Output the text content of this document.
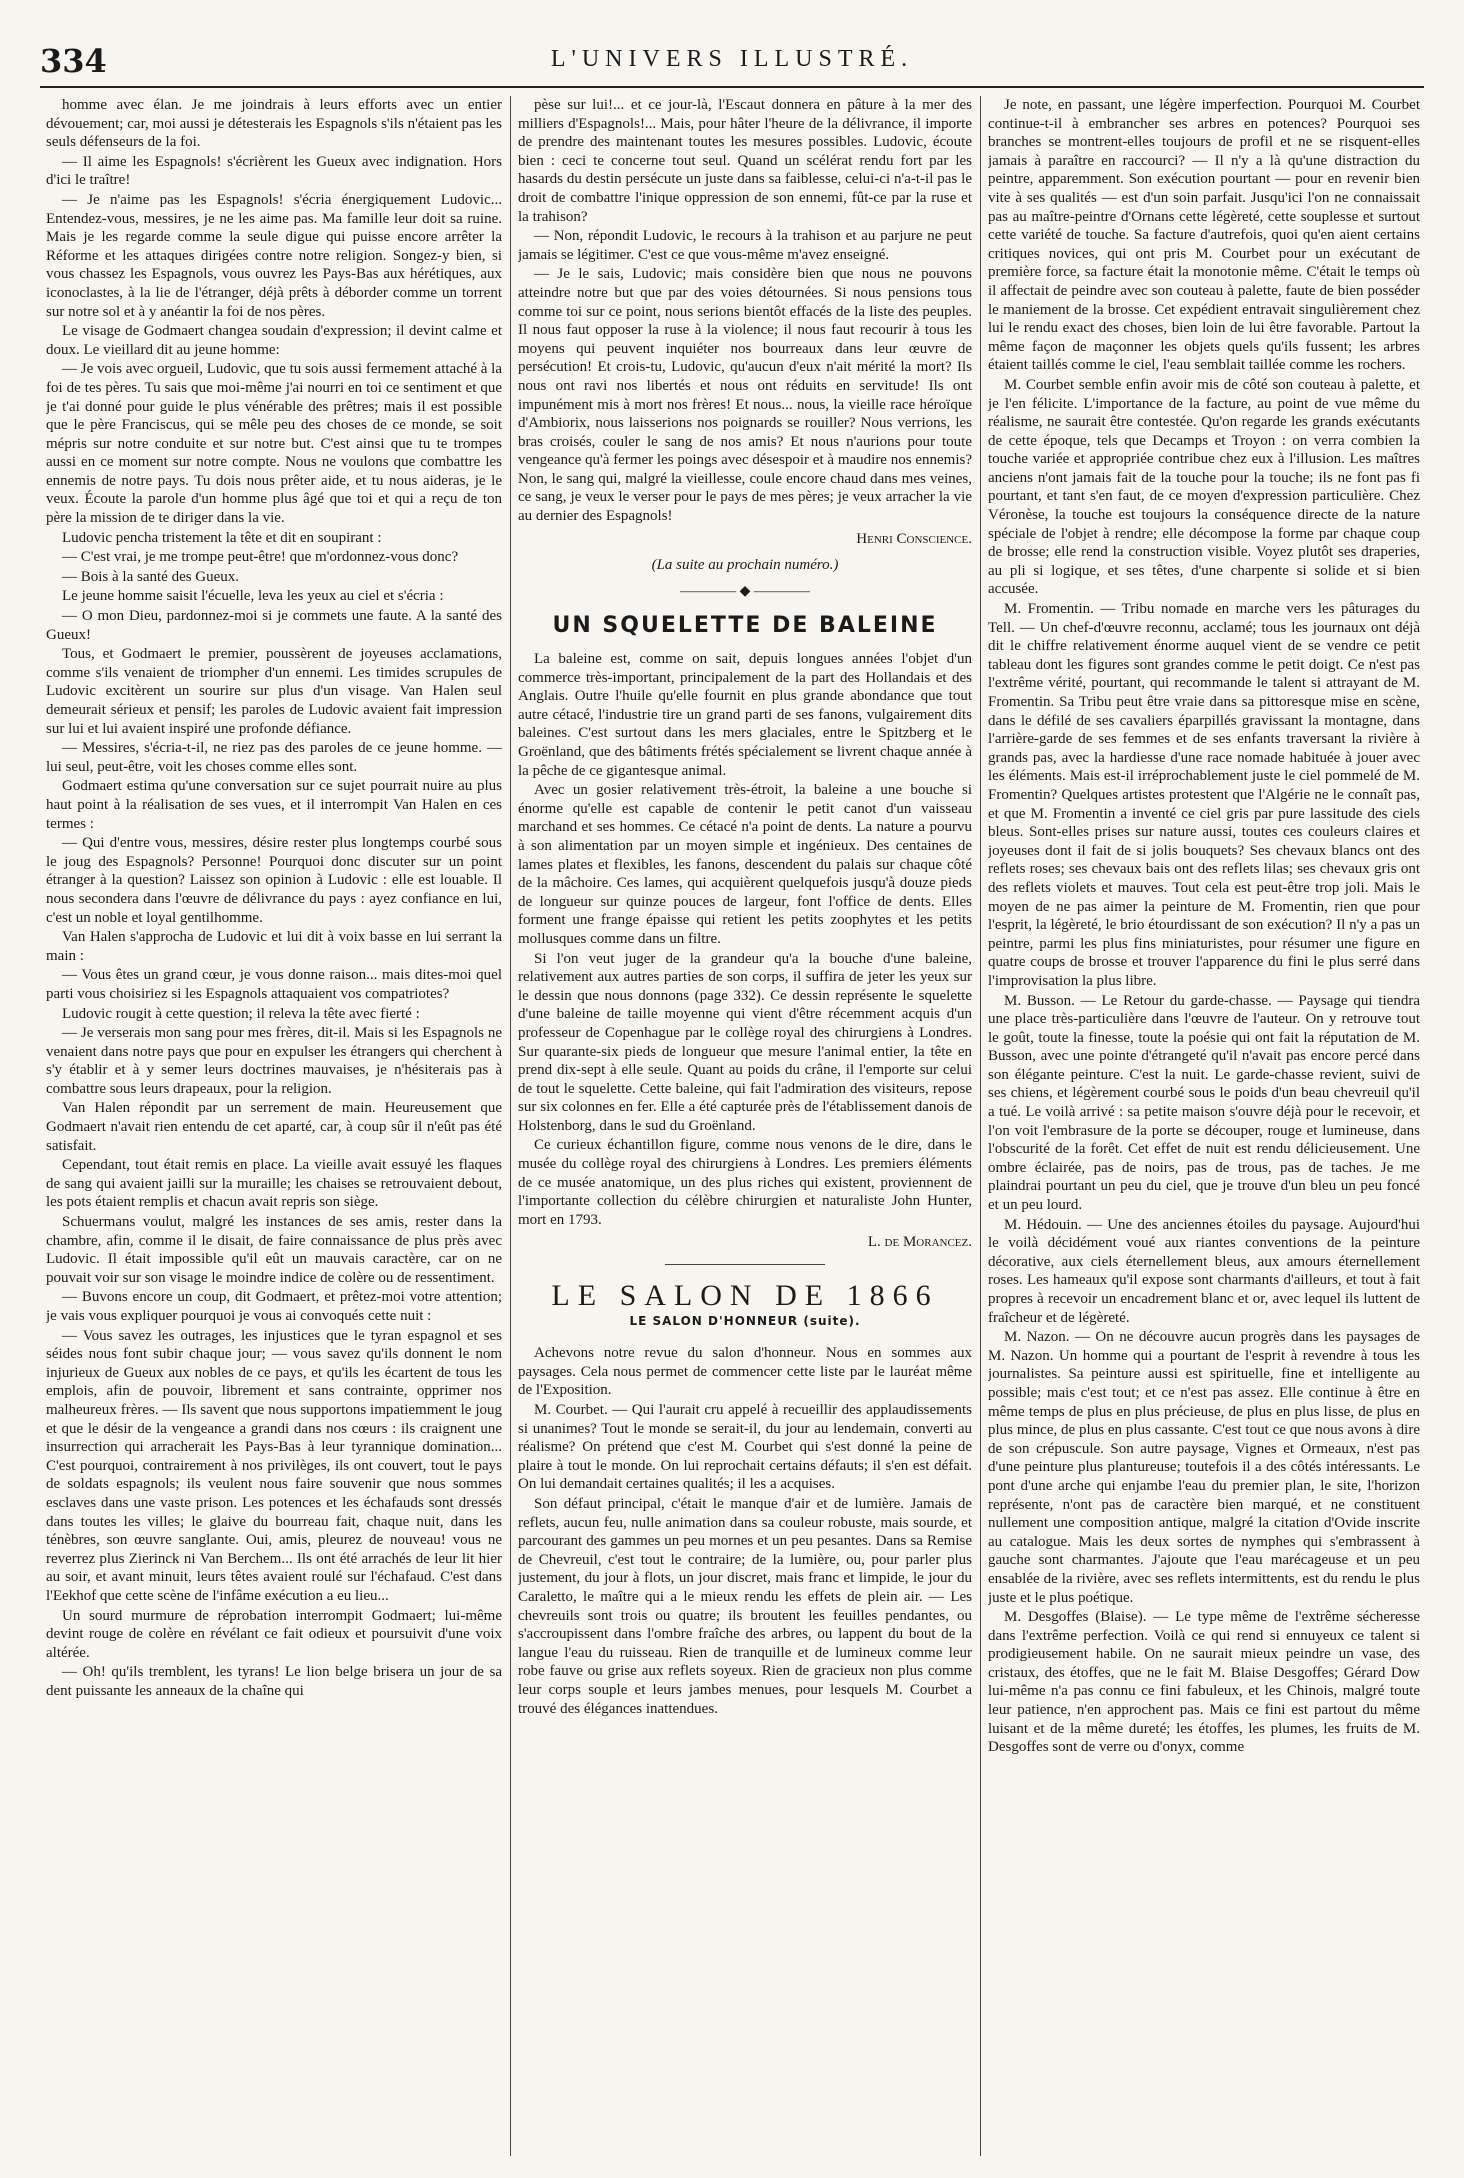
334	L'UNIVERS ILLUSTRÉ.

homme avec élan. Je me joindrais à leurs efforts avec un entier dévouement; car, moi aussi je détesterais les Espagnols s'ils n'étaient pas les seuls défenseurs de la foi.

— Il aime les Espagnols! s'écrièrent les Gueux avec indignation. Hors d'ici le traître!

— Je n'aime pas les Espagnols! s'écria énergiquement Ludovic... Entendez-vous, messires, je ne les aime pas. Ma famille leur doit sa ruine. Mais je les regarde comme la seule digue qui puisse encore arrêter la Réforme et les attaques dirigées contre notre religion. Songez-y bien, si vous chassez les Espagnols, vous ouvrez les Pays-Bas aux hérétiques, aux iconoclastes, à la lie de l'étranger, déjà prêts à déborder comme un torrent sur notre sol et à y anéantir la foi de nos pères.

Le visage de Godmaert changea soudain d'expression; il devint calme et doux. Le vieillard dit au jeune homme:

— Je vois avec orgueil, Ludovic, que tu sois aussi fermement attaché à la foi de tes pères. Tu sais que moi-même j'ai nourri en toi ce sentiment et que je t'ai donné pour guide le plus vénérable des prêtres; mais il est possible que le père Franciscus, qui se mêle peu des choses de ce monde, se soit mépris sur notre conduite et sur notre but. C'est ainsi que tu te trompes aussi en ce moment sur notre compte. Nous ne voulons que combattre les ennemis de notre pays. Tu dois nous prêter aide, et tu nous aideras, je le veux. Écoute la parole d'un homme plus âgé que toi et qui a reçu de ton père la mission de te diriger dans la vie.

Ludovic pencha tristement la tête et dit en soupirant :

— C'est vrai, je me trompe peut-être! que m'ordonnez-vous donc?

— Bois à la santé des Gueux.

Le jeune homme saisit l'écuelle, leva les yeux au ciel et s'écria :

— O mon Dieu, pardonnez-moi si je commets une faute. A la santé des Gueux!

Tous, et Godmaert le premier, poussèrent de joyeuses acclamations, comme s'ils venaient de triompher d'un ennemi. Les timides scrupules de Ludovic excitèrent un sourire sur plus d'un visage. Van Halen seul demeurait sérieux et pensif; les paroles de Ludovic avaient fait impression sur lui et lui avaient inspiré une profonde défiance.

— Messires, s'écria-t-il, ne riez pas des paroles de ce jeune homme. — lui seul, peut-être, voit les choses comme elles sont.

Godmaert estima qu'une conversation sur ce sujet pourrait nuire au plus haut point à la réalisation de ses vues, et il interrompit Van Halen en ces termes :

— Qui d'entre vous, messires, désire rester plus longtemps courbé sous le joug des Espagnols? Personne! Pourquoi donc discuter sur un point étranger à la question? Laissez son opinion à Ludovic : elle est louable. Il nous secondera dans l'œuvre de délivrance du pays : ayez confiance en lui, c'est un noble et loyal gentilhomme.

Van Halen s'approcha de Ludovic et lui dit à voix basse en lui serrant la main :

— Vous êtes un grand cœur, je vous donne raison... mais dites-moi quel parti vous choisiriez si les Espagnols attaquaient vos compatriotes?

Ludovic rougit à cette question; il releva la tête avec fierté :

— Je verserais mon sang pour mes frères, dit-il. Mais si les Espagnols ne venaient dans notre pays que pour en expulser les étrangers qui cherchent à s'y établir et à y semer leurs doctrines mauvaises, je n'hésiterais pas à combattre sous leurs drapeaux, pour la religion.

Van Halen répondit par un serrement de main. Heureusement que Godmaert n'avait rien entendu de cet aparté, car, à coup sûr il n'eût pas été satisfait.

Cependant, tout était remis en place. La vieille avait essuyé les flaques de sang qui avaient jailli sur la muraille; les chaises se retrouvaient debout, les pots étaient remplis et chacun avait repris son siège.

Schuermans voulut, malgré les instances de ses amis, rester dans la chambre, afin, comme il le disait, de faire connaissance de plus près avec Ludovic. Il était impossible qu'il eût un mauvais caractère, car on ne pouvait voir sur son visage le moindre indice de colère ou de ressentiment.

— Buvons encore un coup, dit Godmaert, et prêtez-moi votre attention; je vais vous expliquer pourquoi je vous ai convoqués cette nuit :

— Vous savez les outrages, les injustices que le tyran espagnol et ses séides nous font subir chaque jour; — vous savez qu'ils donnent le nom injurieux de Gueux aux nobles de ce pays, et qu'ils les écartent de tous les emplois, afin de pouvoir, librement et sans contrainte, opprimer nos malheureux frères. — Ils savent que nous supportons impatiemment le joug et que le désir de la vengeance a grandi dans nos cœurs : ils craignent une insurrection qui arracherait les Pays-Bas à leur tyrannique domination... C'est pourquoi, contrairement à nos privilèges, ils ont couvert, tout le pays de soldats espagnols; ils veulent nous faire souvenir que nous sommes esclaves dans une vaste prison. Les potences et les échafauds sont dressés dans toutes les villes; le glaive du bourreau fait, chaque nuit, dans les ténèbres, son œuvre sanglante. Oui, amis, pleurez de nouveau! vous ne reverrez plus Zierinck ni Van Berchem... Ils ont été arrachés de leur lit hier au soir, et avant minuit, leurs têtes avaient roulé sur l'échafaud. C'est dans l'Eekhof que cette scène de l'infâme exécution a eu lieu...

Un sourd murmure de réprobation interrompit Godmaert; lui-même devint rouge de colère en révélant ce fait odieux et poursuivit d'une voix altérée.

— Oh! qu'ils tremblent, les tyrans! Le lion belge brisera un jour de sa dent puissante les anneaux de la chaîne qui

pèse sur lui!... et ce jour-là, l'Escaut donnera en pâture à la mer des milliers d'Espagnols!... Mais, pour hâter l'heure de la délivrance, il importe de prendre des maintenant toutes les mesures possibles. Ludovic, écoute bien : ceci te concerne tout seul. Quand un scélérat rendu fort par les hasards du destin persécute un juste dans sa faiblesse, celui-ci n'a-t-il pas le droit de combattre l'inique oppression de son ennemi, fût-ce par la ruse et la trahison?

— Non, répondit Ludovic, le recours à la trahison et au parjure ne peut jamais se légitimer. C'est ce que vous-même m'avez enseigné.

— Je le sais, Ludovic; mais considère bien que nous ne pouvons atteindre notre but que par des voies détournées. Si nous pensions tous comme toi sur ce point, nous serions bientôt effacés de la liste des peuples. Il nous faut opposer la ruse à la violence; il nous faut recourir à tous les moyens qui peuvent inquiéter nos bourreaux dans leur œuvre de persécution! Et crois-tu, Ludovic, qu'aucun d'eux n'ait mérité la mort? Ils nous ont ravi nos libertés et nous ont réduits en servitude! Ils ont impunément mis à mort nos frères! Et nous... nous, la vieille race héroïque d'Ambiorix, nous laisserions nos poignards se rouiller? Nous verrions, les bras croisés, couler le sang de nos amis? Et nous n'aurions pour toute vengeance qu'à fermer les poings avec désespoir et à maudire nos ennemis? Non, le sang qui, malgré la vieillesse, coule encore chaud dans mes veines, ce sang, je veux le verser pour le pays de mes pères; je veux arracher la vie au dernier des Espagnols!

Henri Conscience.
(La suite au prochain numéro.)
———— ◆ ————
UN SQUELETTE DE BALEINE

La baleine est, comme on sait, depuis longues années l'objet d'un commerce très-important, principalement de la part des Hollandais et des Anglais. Outre l'huile qu'elle fournit en plus grande abondance que tout autre cétacé, l'industrie tire un grand parti de ses fanons, vulgairement dits baleines. C'est surtout dans les mers glaciales, entre le Spitzberg et le Groënland, que des bâtiments frétés spécialement se livrent chaque année à la pêche de ce gigantesque animal.

Avec un gosier relativement très-étroit, la baleine a une bouche si énorme qu'elle est capable de contenir le petit canot d'un vaisseau marchand et ses hommes. Ce cétacé n'a point de dents. La nature a pourvu à son alimentation par un moyen simple et ingénieux. Des centaines de lames plates et flexibles, les fanons, descendent du palais sur chaque côté de la mâchoire. Ces lames, qui acquièrent quelquefois jusqu'à douze pieds de longueur sur quinze pouces de largeur, font l'office de dents. Elles forment une frange épaisse qui retient les petits zoophytes et les petits mollusques comme dans un filtre.

Si l'on veut juger de la grandeur qu'a la bouche d'une baleine, relativement aux autres parties de son corps, il suffira de jeter les yeux sur le dessin que nous donnons (page 332). Ce dessin représente le squelette d'une baleine de taille moyenne qui vient d'être récemment acquis d'un professeur de Copenhague par le collège royal des chirurgiens à Londres. Sur quarante-six pieds de longueur que mesure l'animal entier, la tête en prend dix-sept à elle seule. Quant au poids du crâne, il l'emporte sur celui de tout le squelette. Cette baleine, qui fait l'admiration des visiteurs, repose sur six colonnes en fer. Elle a été capturée près de l'établissement danois de Holstenborg, dans le sud du Groënland.

Ce curieux échantillon figure, comme nous venons de le dire, dans le musée du collège royal des chirurgiens à Londres. Les premiers éléments de ce musée anatomique, un des plus riches qui existent, proviennent de l'importante collection du célèbre chirurgien et naturaliste John Hunter, mort en 1793.

L. de Morancez.
LE SALON DE 1866
LE SALON D'HONNEUR (suite).

Achevons notre revue du salon d'honneur. Nous en sommes aux paysages. Cela nous permet de commencer cette liste par le lauréat même de l'Exposition.

M. Courbet. — Qui l'aurait cru appelé à recueillir des applaudissements si unanimes? Tout le monde se serait-il, du jour au lendemain, converti au réalisme? On prétend que c'est M. Courbet qui s'est donné la peine de plaire à tout le monde. On lui reprochait certains défauts; il s'en est défait. On lui demandait certaines qualités; il les a acquises.

Son défaut principal, c'était le manque d'air et de lumière. Jamais de reflets, aucun feu, nulle animation dans sa couleur robuste, mais sourde, et parcourant des gammes un peu mornes et un peu pesantes. Dans sa Remise de Chevreuil, c'est tout le contraire; de la lumière, ou, pour parler plus justement, du jour à flots, un jour discret, mais franc et limpide, le jour du Caraletto, le maître qui a le mieux rendu les effets de plein air. — Les chevreuils sont trois ou quatre; ils broutent les feuilles pendantes, ou s'accroupissent dans l'ombre fraîche des arbres, ou lappent du bout de la langue l'eau du ruisseau. Rien de tranquille et de lumineux comme leur robe fauve ou grise aux reflets soyeux. Rien de gracieux non plus comme leur corps souple et leurs jambes menues, pour lesquels M. Courbet a trouvé des élégances inattendues.

Je note, en passant, une légère imperfection. Pourquoi M. Courbet continue-t-il à embrancher ses arbres en potences? Pourquoi ses branches se montrent-elles toujours de profil et ne se risquent-elles jamais à paraître en raccourci? — Il n'y a là qu'une distraction du peintre, apparemment. Son exécution pourtant — pour en revenir bien vite à ses qualités — est d'un soin parfait. Jusqu'ici l'on ne connaissait pas au maître-peintre d'Ornans cette légèreté, cette souplesse et surtout cette variété de touche. Sa facture d'autrefois, quoi qu'en aient certains critiques novices, qui ont pris M. Courbet pour un exécutant de première force, sa facture était la monotonie même. C'était le temps où il affectait de peindre avec son couteau à palette, faute de bien posséder le maniement de la brosse. Cet expédient entravait singulièrement chez lui le rendu exact des choses, bien loin de lui être favorable. Partout la même façon de maçonner les objets quels qu'ils fussent; les arbres étaient taillés comme le ciel, l'eau semblait taillée comme les rochers.

M. Courbet semble enfin avoir mis de côté son couteau à palette, et je l'en félicite. L'importance de la facture, au point de vue même du réalisme, ne saurait être contestée. Qu'on regarde les grands exécutants de cette époque, tels que Decamps et Troyon : on verra combien la touche variée et appropriée contribue chez eux à l'illusion. Les maîtres anciens n'ont jamais fait de la touche pour la touche; ils ne font pas fi pourtant, et tant s'en faut, de ce moyen d'expression particulière. Chez Véronèse, la touche est toujours la conséquence directe de la nature spéciale de l'objet à rendre; elle décompose la forme par chaque coup de brosse; elle rend la construction visible. Voyez plutôt ses draperies, au pli si logique, et ses têtes, d'une charpente si solide et si bien accusée.

M. Fromentin. — Tribu nomade en marche vers les pâturages du Tell. — Un chef-d'œuvre reconnu, acclamé; tous les journaux ont déjà dit le chiffre relativement énorme auquel vient de se vendre ce petit tableau dont les figures sont grandes comme le petit doigt. Ce n'est pas l'extrême vérité, pourtant, qui recommande le talent si attrayant de M. Fromentin. Sa Tribu peut être vraie dans sa pittoresque mise en scène, dans le défilé de ses cavaliers éparpillés gravissant la montagne, dans l'arrière-garde de ses femmes et de ses enfants traversant la rivière à grands pas, avec la hardiesse d'une race nomade habituée à jouer avec les éléments. Mais est-il irréprochablement juste le ciel pommelé de M. Fromentin? Quelques artistes protestent que l'Algérie ne le connaît pas, et que M. Fromentin a inventé ce ciel gris par pure lassitude des ciels bleus. Sont-elles prises sur nature aussi, toutes ces couleurs claires et joyeuses dont il fait de si jolis bouquets? Ses chevaux blancs ont des reflets roses; ses chevaux bais ont des reflets lilas; ses chevaux gris ont des reflets violets et mauves. Tout cela est peut-être trop joli. Mais le moyen de ne pas aimer la peinture de M. Fromentin, rien que pour l'esprit, la légèreté, le brio étourdissant de son exécution? Il n'y a pas un peintre, parmi les plus fins miniaturistes, pour résumer une figure en quatre coups de brosse et trouver l'apparence du fini le plus serré dans l'improvisation la plus libre.

M. Busson. — Le Retour du garde-chasse. — Paysage qui tiendra une place très-particulière dans l'œuvre de l'auteur. On y retrouve tout le goût, toute la finesse, toute la poésie qui ont fait la réputation de M. Busson, avec une pointe d'étrangeté qu'il n'avait pas encore percé dans son élégante peinture. C'est la nuit. Le garde-chasse revient, suivi de ses chiens, et légèrement courbé sous le poids d'un beau chevreuil qu'il a tué. Le voilà arrivé : sa petite maison s'ouvre déjà pour le recevoir, et l'on voit l'embrasure de la porte se découper, rouge et lumineuse, dans l'obscurité de la forêt. Cet effet de nuit est rendu délicieusement. Une ombre éclairée, pas de noirs, pas de trous, pas de taches. Je me plaindrai pourtant un peu du ciel, que je trouve d'un bleu un peu foncé et un peu lourd.

M. Hédouin. — Une des anciennes étoiles du paysage. Aujourd'hui le voilà décidément voué aux riantes conventions de la peinture décorative, aux ciels éternellement bleus, aux amours éternellement roses. Les hameaux qu'il expose sont charmants d'ailleurs, et tout à fait propres à recevoir un encadrement blanc et or, avec lequel ils luttent de fraîcheur et de légèreté.

M. Nazon. — On ne découvre aucun progrès dans les paysages de M. Nazon. Un homme qui a pourtant de l'esprit à revendre à tous les journalistes. Sa peinture aussi est spirituelle, fine et intelligente au possible; mais c'est tout; et ce n'est pas assez. Elle continue à être en même temps de plus en plus précieuse, de plus en plus lisse, de plus en plus mince, de plus en plus cassante. C'est tout ce que nous avons à dire de son crépuscule. Son autre paysage, Vignes et Ormeaux, n'est pas d'une peinture plus plantureuse; toutefois il a des côtés intéressants. Le pont d'une arche qui enjambe l'eau du premier plan, le site, l'horizon représente, n'ont pas de caractère bien marqué, et ne constituent nullement une composition antique, malgré la citation d'Ovide inscrite au catalogue. Mais les deux sortes de nymphes qui s'embrassent à gauche sont charmantes. J'ajoute que l'eau marécageuse et un peu ensablée de la rivière, avec ses reflets intermittents, est du rendu le plus juste et le plus poétique.

M. Desgoffes (Blaise). — Le type même de l'extrême sécheresse dans l'extrême perfection. Voilà ce qui rend si ennuyeux ce talent si prodigieusement habile. On ne saurait mieux peindre un vase, des cristaux, des étoffes, que ne le fait M. Blaise Desgoffes; Gérard Dow lui-même n'a pas connu ce fini fabuleux, et les Chinois, malgré toute leur patience, n'en approchent pas. Mais ce fini est partout du même luisant et de la même dureté; les étoffes, les plumes, les fruits de M. Desgoffes sont de verre ou d'onyx, comme
